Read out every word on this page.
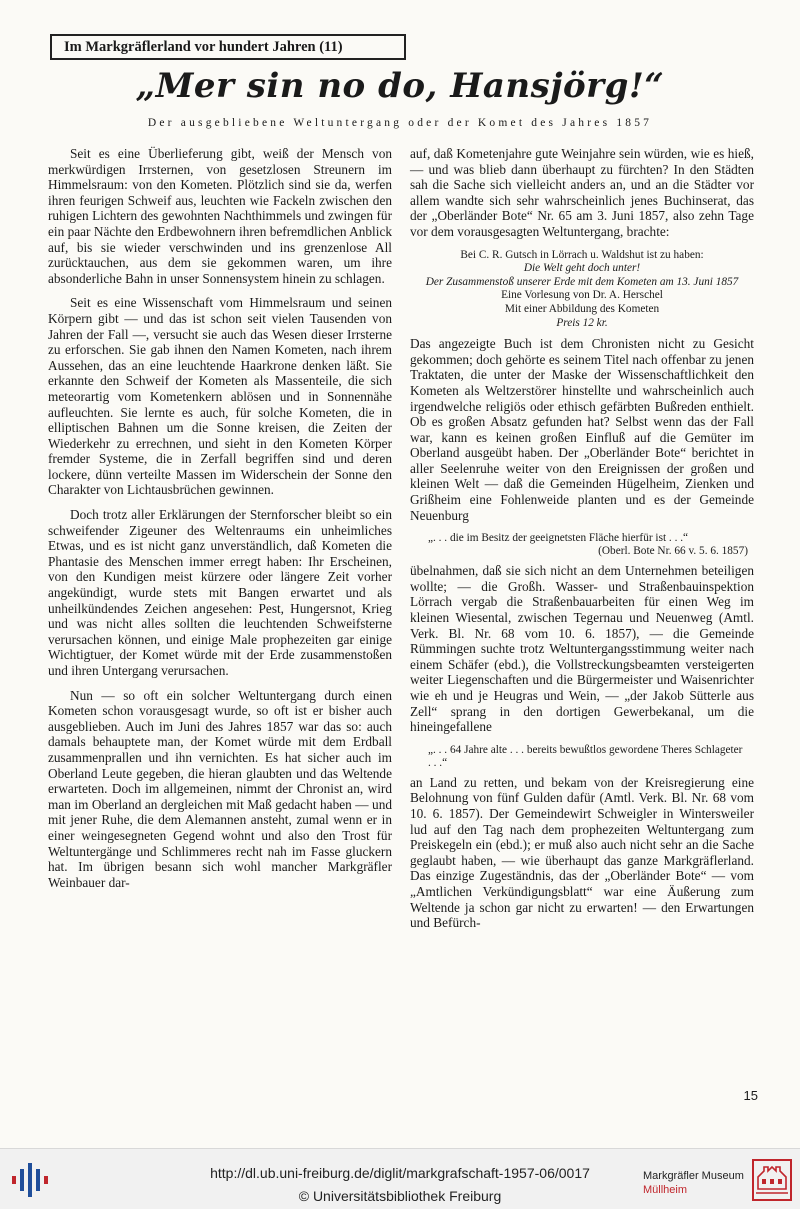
Im Markgräflerland vor hundert Jahren (11)
„Mer sin no do, Hansjörg!“
Der ausgebliebene Weltuntergang oder der Komet des Jahres 1857

Seit es eine Überlieferung gibt, weiß der Mensch von merkwürdigen Irrsternen, von gesetzlosen Streunern im Himmelsraum: von den Kometen. Plötzlich sind sie da, werfen ihren feurigen Schweif aus, leuchten wie Fackeln zwischen den ruhigen Lichtern des gewohnten Nachthimmels und zwingen für ein paar Nächte den Erdbewohnern ihren befremdlichen Anblick auf, bis sie wieder verschwinden und ins grenzenlose All zurücktauchen, aus dem sie gekommen waren, um ihre absonderliche Bahn in unser Sonnensystem hinein zu schlagen.

Seit es eine Wissenschaft vom Himmelsraum und seinen Körpern gibt — und das ist schon seit vielen Tausenden von Jahren der Fall —, versucht sie auch das Wesen dieser Irrsterne zu erforschen. Sie gab ihnen den Namen Kometen, nach ihrem Aussehen, das an eine leuchtende Haarkrone denken läßt. Sie erkannte den Schweif der Kometen als Massenteile, die sich meteorartig vom Kometenkern ablösen und in Sonnennähe aufleuchten. Sie lernte es auch, für solche Kometen, die in elliptischen Bahnen um die Sonne kreisen, die Zeiten der Wiederkehr zu errechnen, und sieht in den Kometen Körper fremder Systeme, die in Zerfall begriffen sind und deren lockere, dünn verteilte Massen im Widerschein der Sonne den Charakter von Lichtausbrüchen gewinnen.

Doch trotz aller Erklärungen der Sternforscher bleibt so ein schweifender Zigeuner des Weltenraums ein unheimliches Etwas, und es ist nicht ganz unverständlich, daß Kometen die Phantasie des Menschen immer erregt haben: Ihr Erscheinen, von den Kundigen meist kürzere oder längere Zeit vorher angekündigt, wurde stets mit Bangen erwartet und als unheilkündendes Zeichen angesehen: Pest, Hungersnot, Krieg und was nicht alles sollten die leuchtenden Schweifsterne verursachen können, und einige Male prophezeiten gar einige Wichtigtuer, der Komet würde mit der Erde zusammenstoßen und ihren Untergang verursachen.

Nun — so oft ein solcher Weltuntergang durch einen Kometen schon vorausgesagt wurde, so oft ist er bisher auch ausgeblieben. Auch im Juni des Jahres 1857 war das so: auch damals behauptete man, der Komet würde mit dem Erdball zusammenprallen und ihn vernichten. Es hat sicher auch im Oberland Leute gegeben, die hieran glaubten und das Weltende erwarteten. Doch im allgemeinen, nimmt der Chronist an, wird man im Oberland an dergleichen mit Maß gedacht haben — und mit jener Ruhe, die dem Alemannen ansteht, zumal wenn er in einer weingesegneten Gegend wohnt und also den Trost für Weltuntergänge und Schlimmeres recht nah im Fasse gluckern hat. Im übrigen besann sich wohl mancher Markgräfler Weinbauer dar-

auf, daß Kometenjahre gute Weinjahre sein würden, wie es hieß, — und was blieb dann überhaupt zu fürchten? In den Städten sah die Sache sich vielleicht anders an, und an die Städter vor allem wandte sich sehr wahrscheinlich jenes Buchinserat, das der „Oberländer Bote“ Nr. 65 am 3. Juni 1857, also zehn Tage vor dem vorausgesagten Weltuntergang, brachte:

Bei C. R. Gutsch in Lörrach u. Waldshut ist zu haben:
Die Welt geht doch unter!
Der Zusammenstoß unserer Erde mit dem Kometen am 13. Juni 1857
Eine Vorlesung von Dr. A. Herschel
Mit einer Abbildung des Kometen
Preis 12 kr.

Das angezeigte Buch ist dem Chronisten nicht zu Gesicht gekommen; doch gehörte es seinem Titel nach offenbar zu jenen Traktaten, die unter der Maske der Wissenschaftlichkeit den Kometen als Weltzerstörer hinstellte und wahrscheinlich auch irgendwelche religiös oder ethisch gefärbten Bußreden enthielt. Ob es großen Absatz gefunden hat? Selbst wenn das der Fall war, kann es keinen großen Einfluß auf die Gemüter im Oberland ausgeübt haben. Der „Oberländer Bote“ berichtet in aller Seelenruhe weiter von den Ereignissen der großen und kleinen Welt — daß die Gemeinden Hügelheim, Zienken und Grißheim eine Fohlenweide planten und es der Gemeinde Neuenburg

„. . . die im Besitz der geeignetsten Fläche hierfür ist . . .“
(Oberl. Bote Nr. 66 v. 5. 6. 1857)

übelnahmen, daß sie sich nicht an dem Unternehmen beteiligen wollte; — die Großh. Wasser- und Straßenbauinspektion Lörrach vergab die Straßenbauarbeiten für einen Weg im kleinen Wiesental, zwischen Tegernau und Neuenweg (Amtl. Verk. Bl. Nr. 68 vom 10. 6. 1857), — die Gemeinde Rümmingen suchte trotz Weltuntergangsstimmung weiter nach einem Schäfer (ebd.), die Vollstreckungsbeamten versteigerten weiter Liegenschaften und die Bürgermeister und Waisenrichter wie eh und je Heugras und Wein, — „der Jakob Sütterle aus Zell“ sprang in den dortigen Gewerbekanal, um die hineingefallene

„. . . 64 Jahre alte . . . bereits bewußtlos gewordene Theres Schlageter . . .“

an Land zu retten, und bekam von der Kreisregierung eine Belohnung von fünf Gulden dafür (Amtl. Verk. Bl. Nr. 68 vom 10. 6. 1857). Der Gemeindewirt Schweigler in Wintersweiler lud auf den Tag nach dem prophezeiten Weltuntergang zum Preiskegeln ein (ebd.); er muß also auch nicht sehr an die Sache geglaubt haben, — wie überhaupt das ganze Markgräflerland. Das einzige Zugeständnis, das der „Oberländer Bote“ — vom „Amtlichen Verkündigungsblatt“ war eine Äußerung zum Weltende ja schon gar nicht zu erwarten! — den Erwartungen und Befürch-

15
http://dl.ub.uni-freiburg.de/diglit/markgrafschaft-1957-06/0017
© Universitätsbibliothek Freiburg
Markgräfler Museum
Müllheim
